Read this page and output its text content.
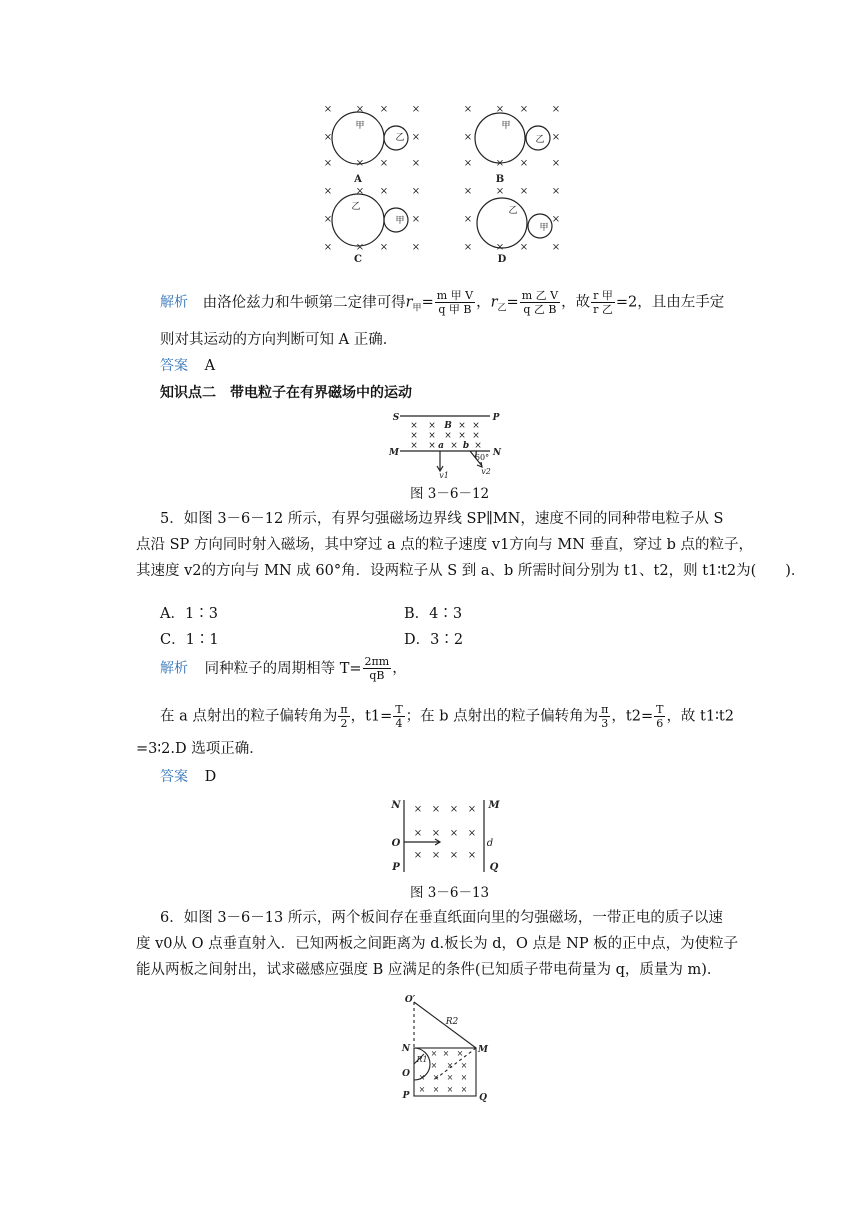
× × × ×
×	×
× × × ×
× × × ×
×	×
× × × ×
× × × ×
×	×
× × × ×
× × × ×
×	×
× × × ×
甲
乙
甲
乙
乙
甲
乙
甲
A	B
C	D
解析 由洛伦兹力和牛顿第二定律可得$r_甲= \frac{\text{m 甲 V}}{\text{q 甲 B}}$ ，$r_乙= \frac{\text{m 乙 V}}{\text{q 乙 B}}$ ，故 $\frac{\text{r 甲}}{\text{r 乙}} =2$，且由左手定
则对其运动的方向判断可知 A 正确．
答案 A
知识点二　带电粒子在有界磁场中的运动
S	P
M	N
× × B × ×
× × × × ×
× × a × b ×
60°
v1	v2
图 3－6－12
5．如图 3－6－12 所示，有界匀强磁场边界线 SP∥MN，速度不同的同种带电粒子从 S
点沿 SP 方向同时射入磁场，其中穿过 a 点的粒子速度 v1方向与 MN 垂直，穿过 b 点的粒子，
其速度 v2的方向与 MN 成 60°角．设两粒子从 S 到 a、b 所需时间分别为 t1、t2，则 t1∶t2为(　　)．
A．1∶3	B．4∶3
C．1∶1	D．3∶2
解析 同种粒子的周期相等 $T= \frac{2\pi m}{qB}$ ，
在 a 点射出的粒子偏转角为 $\frac{\pi}{2}$ ，$t1= \frac{T}{4}$ ；在 b 点射出的粒子偏转角为 $\frac{\pi}{3}$ ，$t2= \frac{T}{6}$ ，故 t1∶t2
=3∶2.D 选项正确．
答案 D
N	M
O
P	Q
d
× × × ×
× × × ×
× × × ×
图 3－6－13
6．如图 3－6－13 所示，两个板间存在垂直纸面向里的匀强磁场，一带正电的质子以速
度 v0从 O 点垂直射入．已知两板之间距离为 d.板长为 d，O 点是 NP 板的正中点，为使粒子
能从两板之间射出，试求磁感应强度 B 应满足的条件(已知质子带电荷量为 q，质量为 m)．
O′
R2
R1
N	M
O
P	Q
× × ×
× × ×
× × × ×
× × × ×
